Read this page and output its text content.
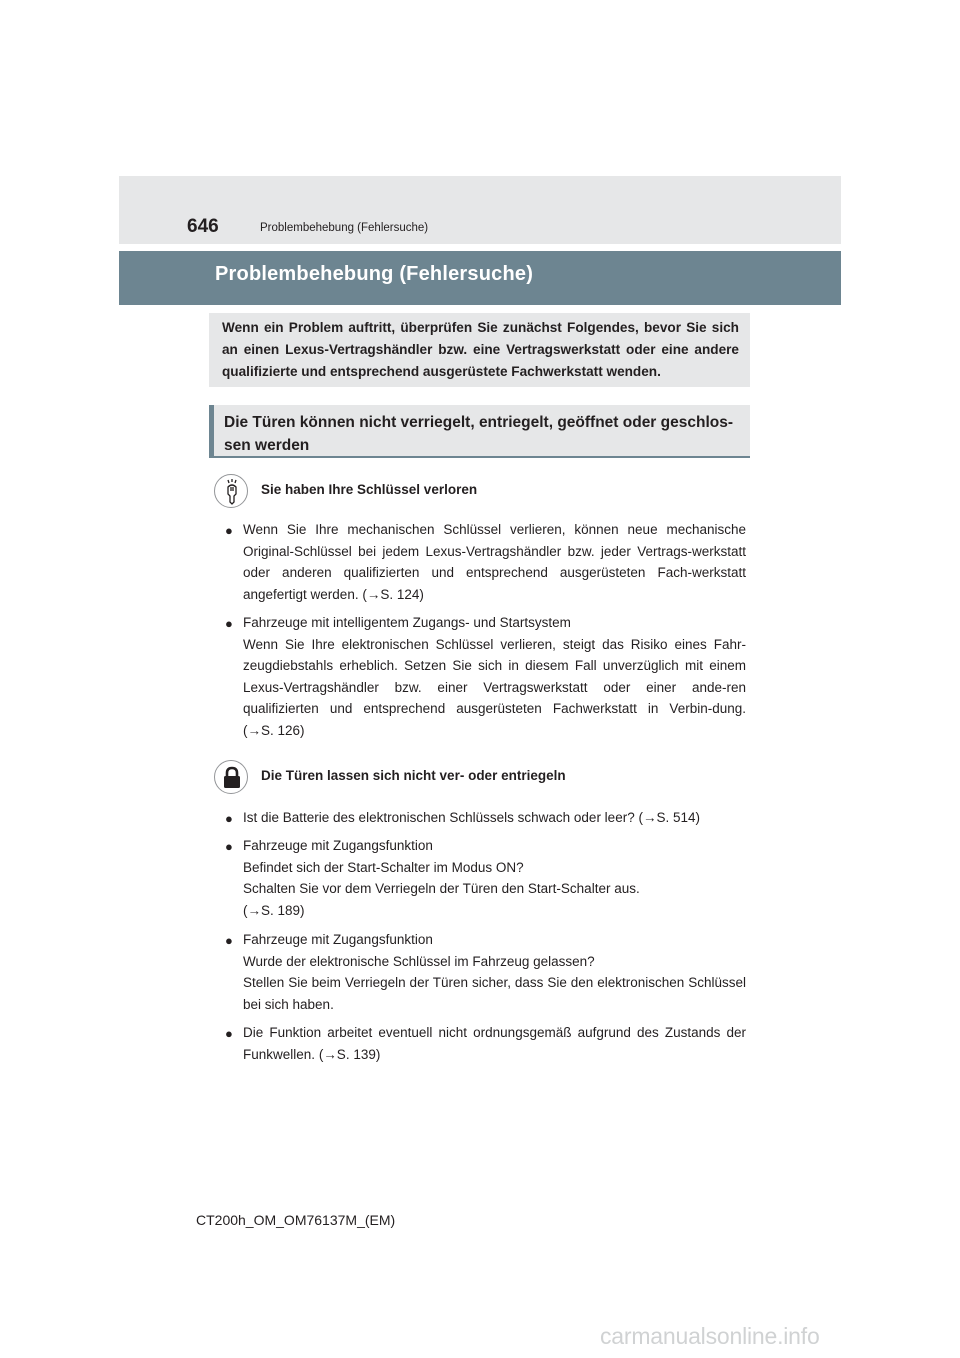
646	Problembehebung (Fehlersuche)
Problembehebung (Fehlersuche)
Wenn ein Problem auftritt, überprüfen Sie zunächst Folgendes, bevor Sie sich an einen Lexus-Vertragshändler bzw. eine Vertragswerkstatt oder eine andere qualifizierte und entsprechend ausgerüstete Fachwerkstatt wenden.
Die Türen können nicht verriegelt, entriegelt, geöffnet oder geschlos-
sen werden
Sie haben Ihre Schlüssel verloren
● Wenn Sie Ihre mechanischen Schlüssel verlieren, können neue mechanische Original-Schlüssel bei jedem Lexus-Vertragshändler bzw. jeder Vertrags-werkstatt oder anderen qualifizierten und entsprechend ausgerüsteten Fach-werkstatt angefertigt werden. (→S. 124)
● Fahrzeuge mit intelligentem Zugangs- und Startsystem
Wenn Sie Ihre elektronischen Schlüssel verlieren, steigt das Risiko eines Fahr-zeugdiebstahls erheblich. Setzen Sie sich in diesem Fall unverzüglich mit einem Lexus-Vertragshändler bzw. einer Vertragswerkstatt oder einer ande-ren qualifizierten und entsprechend ausgerüsteten Fachwerkstatt in Verbin-dung. (→S. 126)
Die Türen lassen sich nicht ver- oder entriegeln
● Ist die Batterie des elektronischen Schlüssels schwach oder leer? (→S. 514)
● Fahrzeuge mit Zugangsfunktion
Befindet sich der Start-Schalter im Modus ON?
Schalten Sie vor dem Verriegeln der Türen den Start-Schalter aus.
(→S. 189)
● Fahrzeuge mit Zugangsfunktion
Wurde der elektronische Schlüssel im Fahrzeug gelassen?
Stellen Sie beim Verriegeln der Türen sicher, dass Sie den elektronischen Schlüssel bei sich haben.
● Die Funktion arbeitet eventuell nicht ordnungsgemäß aufgrund des Zustands der Funkwellen. (→S. 139)
CT200h_OM_OM76137M_(EM)
carmanualsonline.info
